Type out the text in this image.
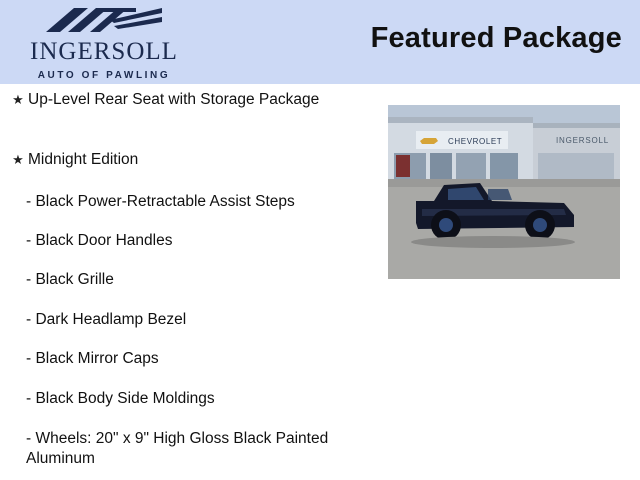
INGERSOLL
AUTO OF PAWLING
Featured Package
★ Up-Level Rear Seat with Storage Package
★ Midnight Edition
- Black Power-Retractable Assist Steps
- Black Door Handles
- Black Grille
- Dark Headlamp Bezel
- Black Mirror Caps
- Black Body Side Moldings
- Wheels: 20" x 9" High Gloss Black Painted Aluminum
CHEVROLET	INGERSOLL
